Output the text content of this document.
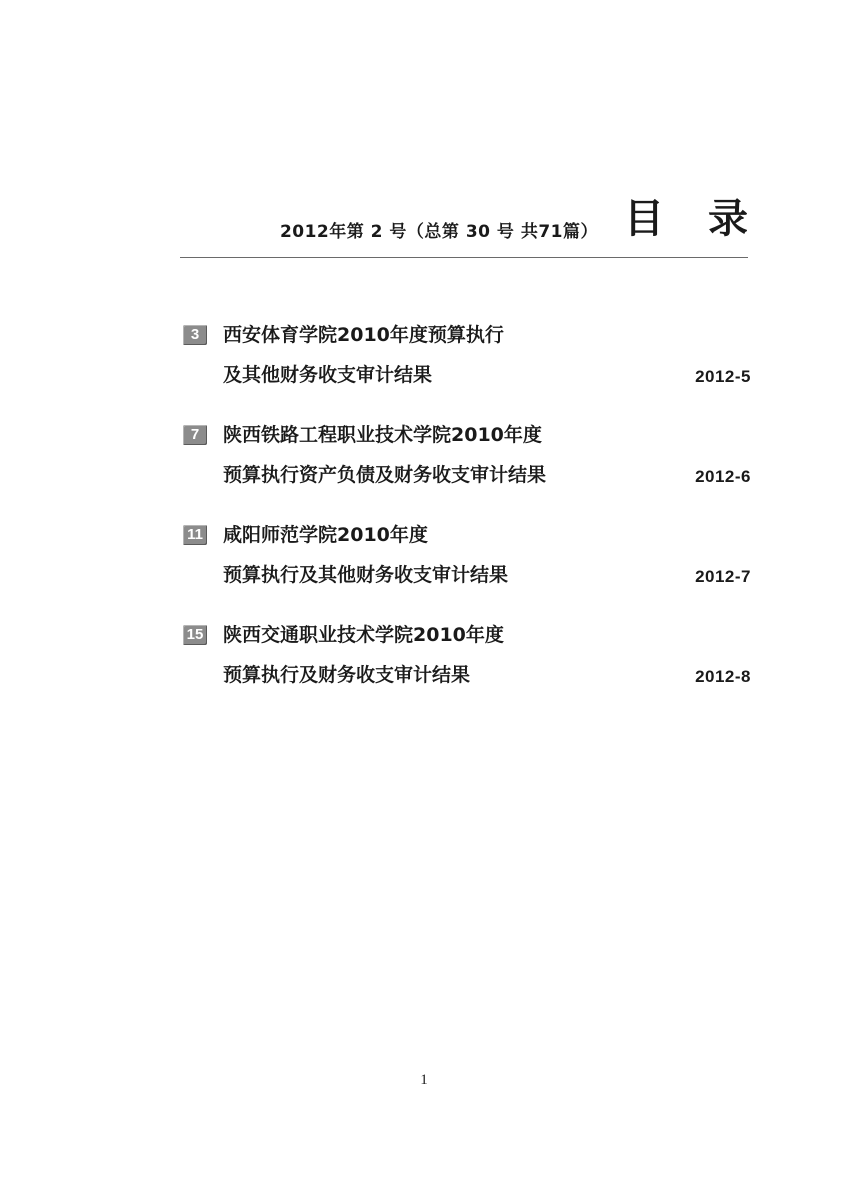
2012年第 2 号（总第 30 号 共71篇） 目录
3	西安体育学院2010年度预算执行
及其他财务收支审计结果	2012-5
7	陕西铁路工程职业技术学院2010年度
预算执行资产负债及财务收支审计结果	2012-6
11 咸阳师范学院2010年度
预算执行及其他财务收支审计结果	2012-7
15 陕西交通职业技术学院2010年度
预算执行及财务收支审计结果	2012-8
1
